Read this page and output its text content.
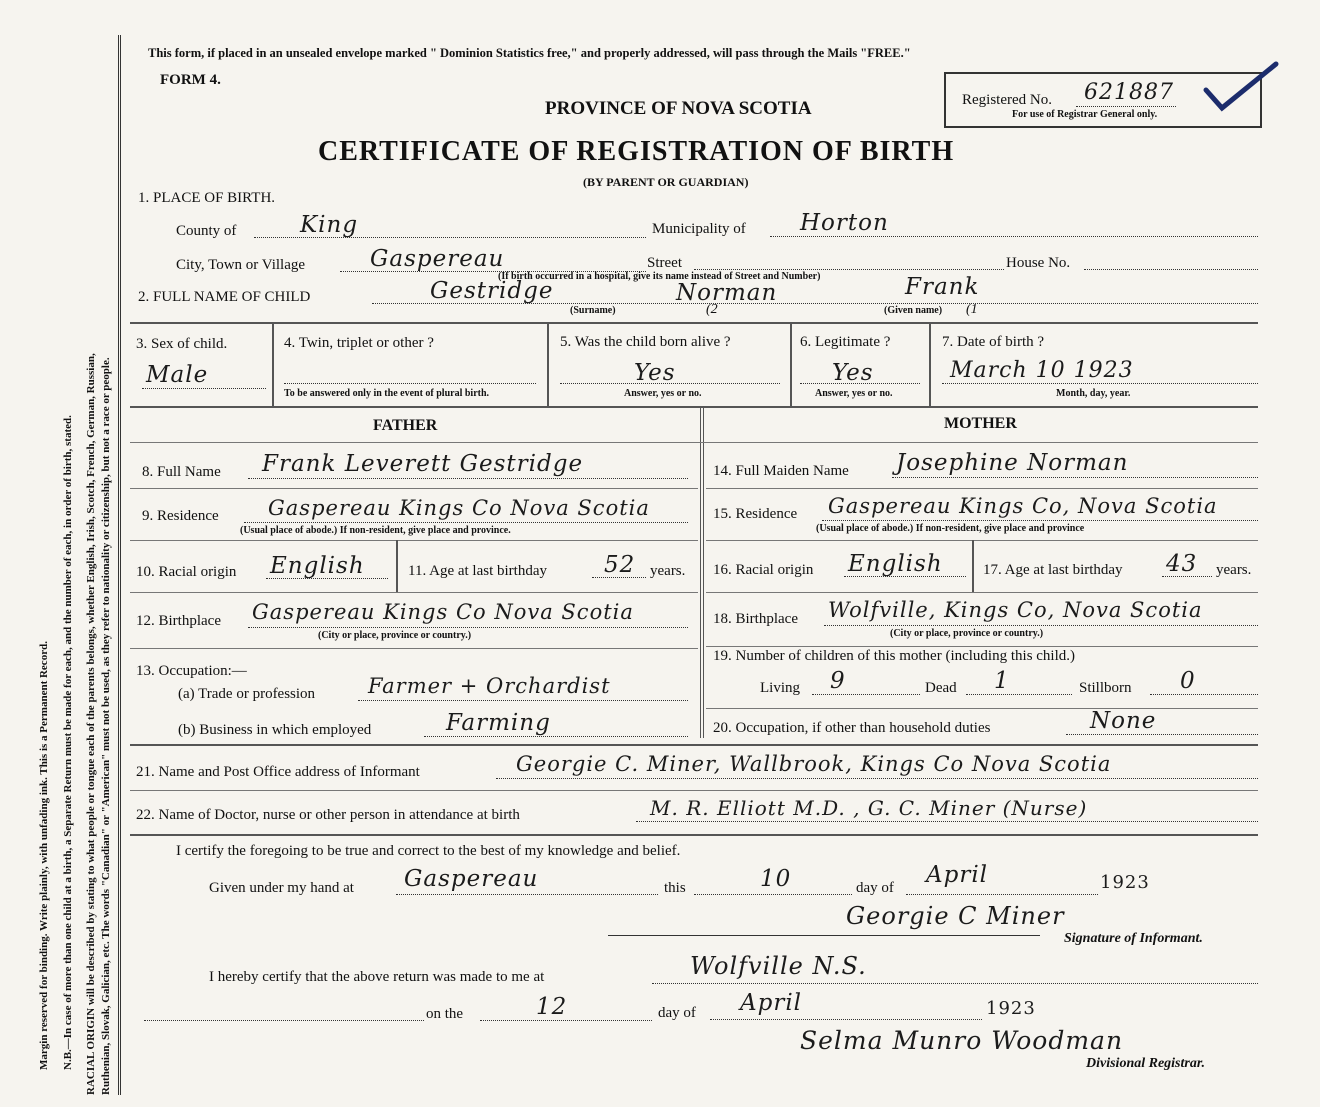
Margin reserved for binding. Write plainly, with unfading ink. This is a Permanent Record. N.B.—In case of more than one child at a birth, a Separate Return must be made for each, and the number of each, in order of birth, stated. RACIAL ORIGIN will be described by stating to what people or tongue each of the parents belongs, whether English, Irish, Scotch, French, German, Russian, Ruthenian, Slovak, Galician, etc. The words "Canadian" or "American" must not be used, as they refer to nationality or citizenship, but not a race or people.
This form, if placed in an unsealed envelope marked " Dominion Statistics free," and properly addressed, will pass through the Mails "FREE."
FORM 4.
PROVINCE OF NOVA SCOTIA	Registered No. 621887
For use of Registrar General only.
CERTIFICATE OF REGISTRATION OF BIRTH
(BY PARENT OR GUARDIAN)
1. PLACE OF BIRTH.
County of	King	Municipality of Horton
City, Town or Village	Gaspereau	Street	House No.
(If birth occurred in a hospital, give its name instead of Street and Number)
2. FULL NAME OF CHILD	Gestridge	Norman	Frank
(Surname)	(2	(Given name) (1
3. Sex of child.
Male
4. Twin, triplet or other ?
To be answered only in the event of plural birth.
5. Was the child born alive ?
Yes
Answer, yes or no.
6. Legitimate ?
Yes
Answer, yes or no.
7. Date of birth ?
March 10 1923
Month, day, year.
FATHER	MOTHER
8. Full Name Frank Leverett Gestridge
9. Residence Gaspereau Kings Co Nova Scotia
(Usual place of abode.) If non-resident, give place and province.
10. Racial origin English	11. Age at last birthday 52 years.
12. Birthplace Gaspereau Kings Co Nova Scotia
(City or place, province or country.)
13. Occupation:—
(a) Trade or profession	Farmer + Orchardist
(b) Business in which employed	Farming
14. Full Maiden Name Josephine Norman
15. Residence Gaspereau Kings Co, Nova Scotia
(Usual place of abode.) If non-resident, give place and province
16. Racial origin English	17. Age at last birthday 43 years.
18. Birthplace Wolfville, Kings Co, Nova Scotia
(City or place, province or country.)
19. Number of children of this mother (including this child.)
Living 9	Dead 1	Stillborn 0
20. Occupation, if other than household duties	None
21. Name and Post Office address of Informant	Georgie C. Miner, Wallbrook, Kings Co Nova Scotia
22. Name of Doctor, nurse or other person in attendance at birth	M. R. Elliott M.D. , G. C. Miner (Nurse)
I certify the foregoing to be true and correct to the best of my knowledge and belief.
Given under my hand at Gaspereau	this	10	day of April	1923
Georgie C Miner
Signature of Informant.
I hereby certify that the above return was made to me at	Wolfville N.S.
on the	12	day of April	1923
Selma Munro Woodman
Divisional Registrar.
